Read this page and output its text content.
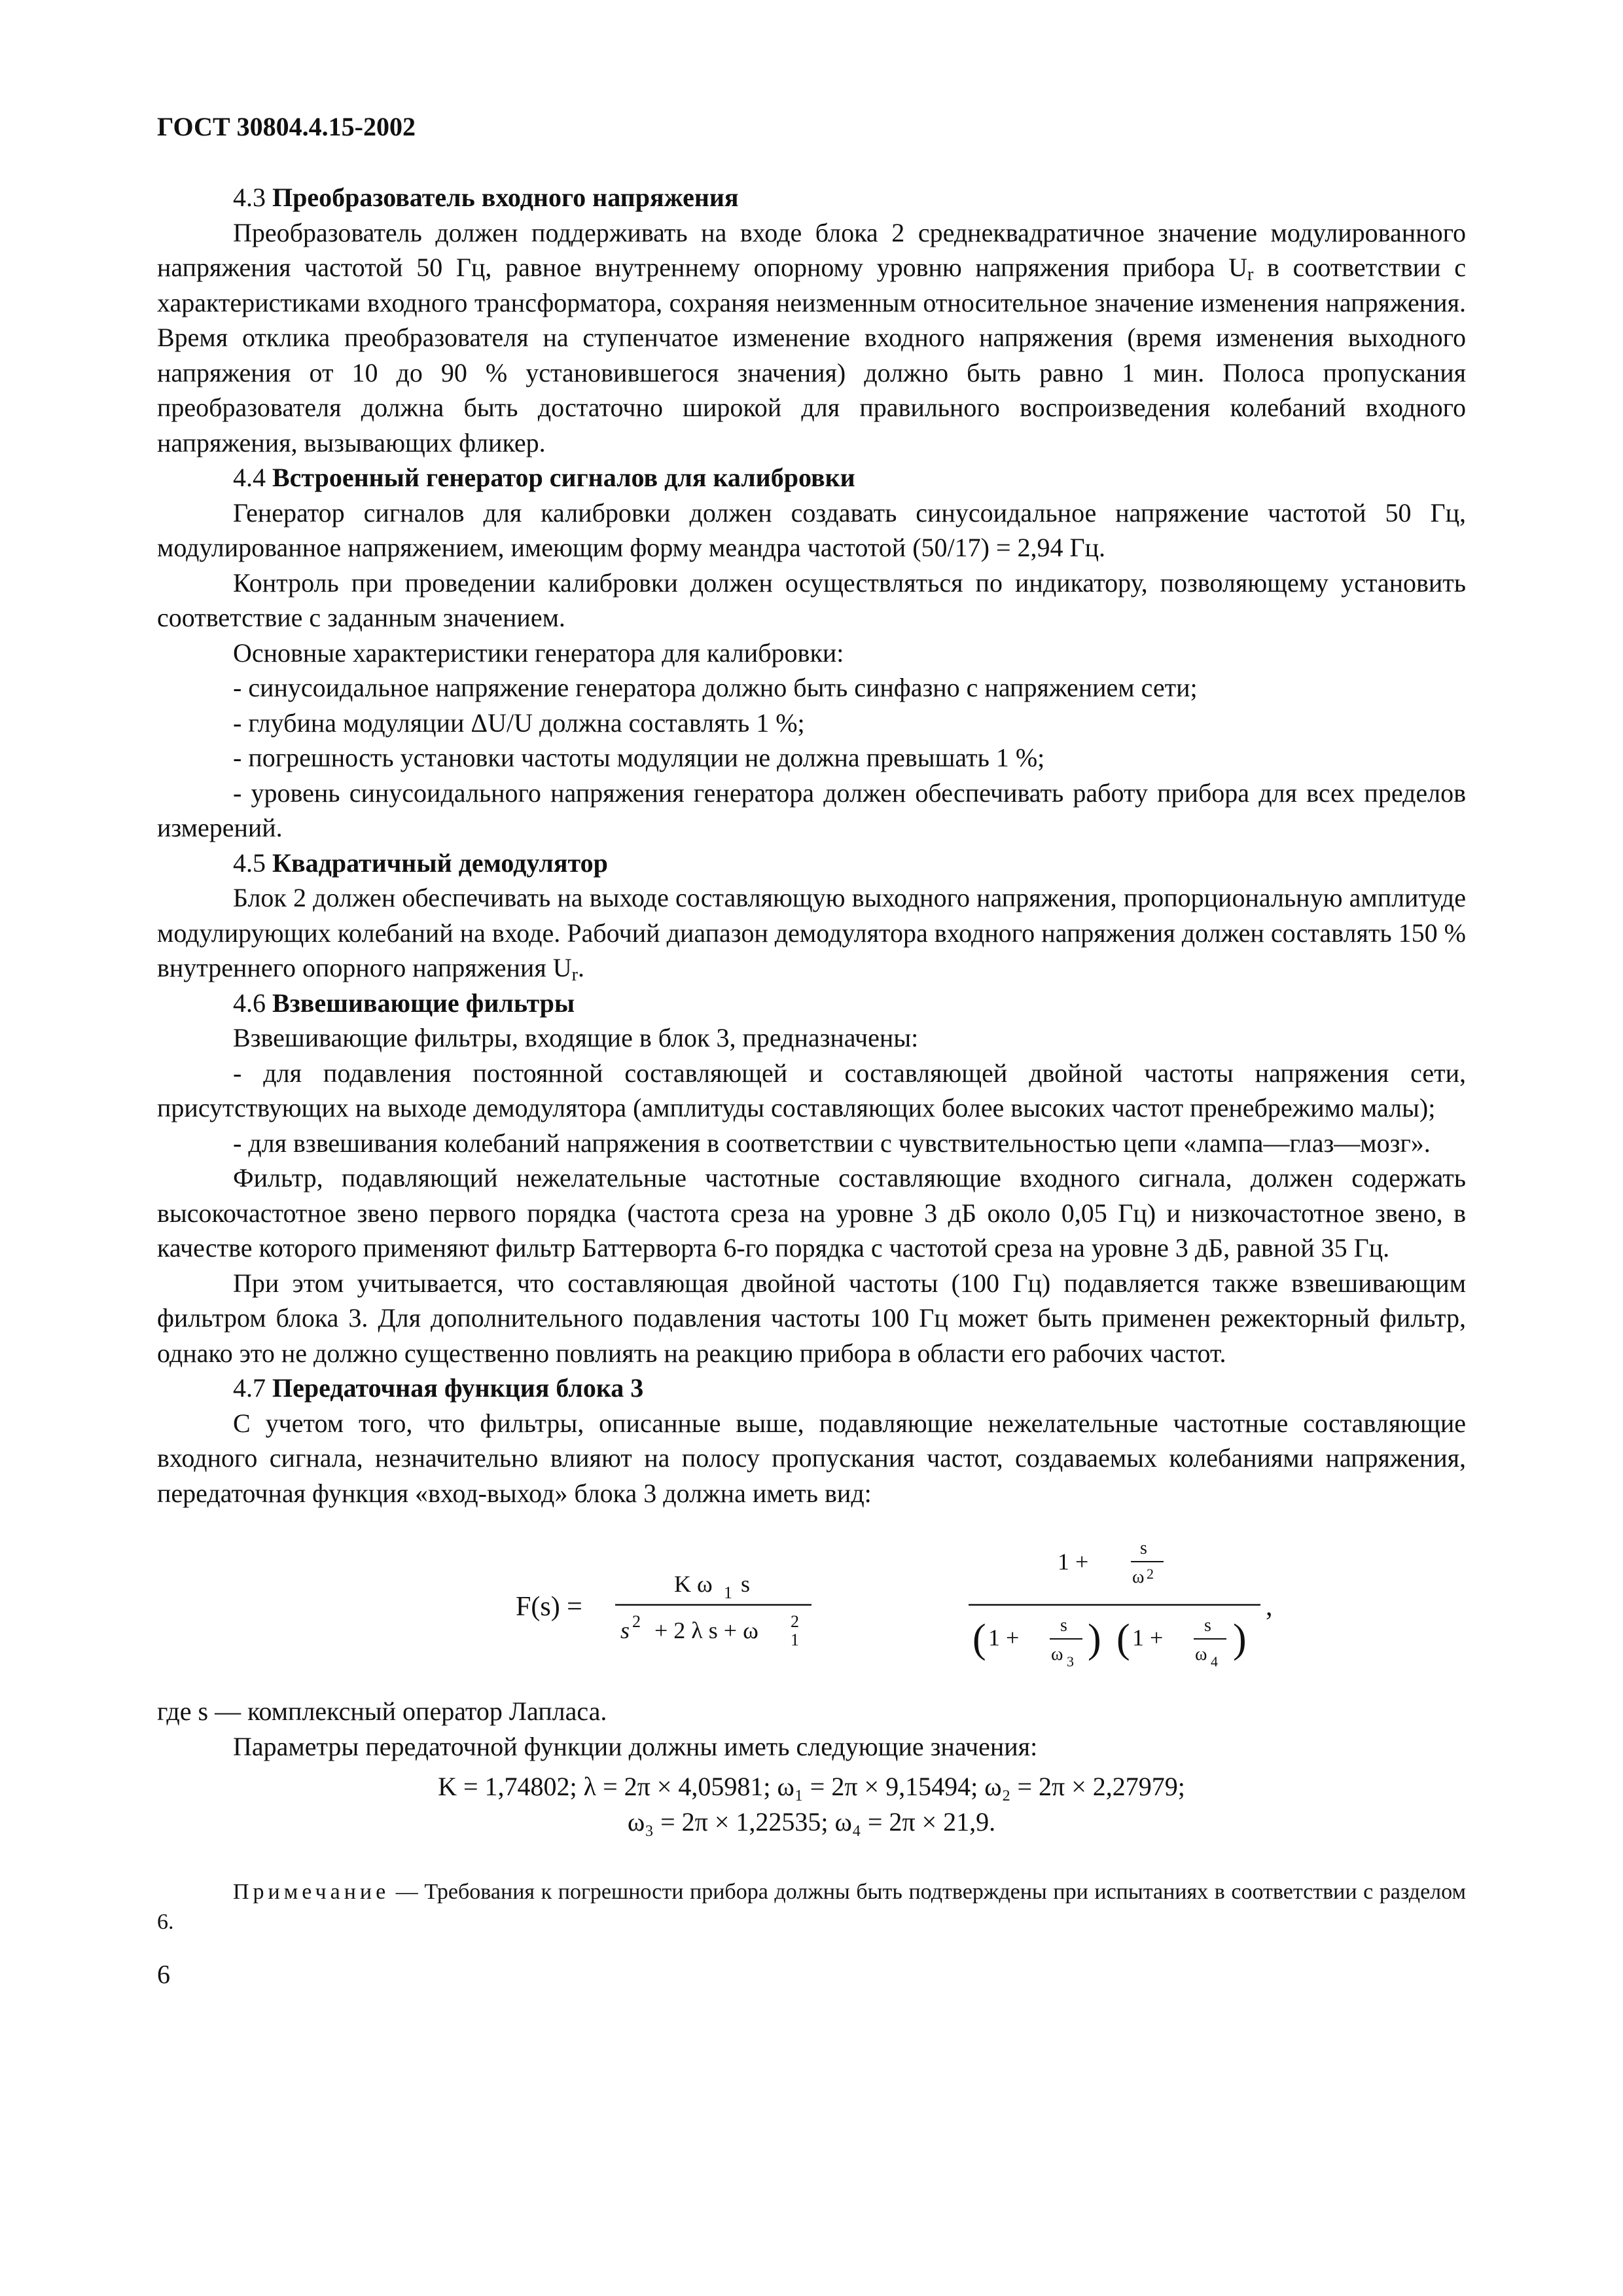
ГОСТ 30804.4.15-2002

4.3 Преобразователь входного напряжения

Преобразователь должен поддерживать на входе блока 2 среднеквадратичное значение модулированного напряжения частотой 50 Гц, равное внутреннему опорному уровню напряжения прибора $U_r$ в соответствии с характеристиками входного трансформатора, сохраняя неизменным относительное значение изменения напряжения. Время отклика преобразователя на ступенчатое изменение входного напряжения (время изменения выходного напряжения от 10 до 90 % установившегося значения) должно быть равно 1 мин. Полоса пропускания преобразователя должна быть достаточно широкой для правильного воспроизведения колебаний входного напряжения, вызывающих фликер.

4.4 Встроенный генератор сигналов для калибровки

Генератор сигналов для калибровки должен создавать синусоидальное напряжение частотой 50 Гц, модулированное напряжением, имеющим форму меандра частотой (50/17) = 2,94 Гц.

Контроль при проведении калибровки должен осуществляться по индикатору, позволяющему установить соответствие с заданным значением.

Основные характеристики генератора для калибровки:

- синусоидальное напряжение генератора должно быть синфазно с напряжением сети;

- глубина модуляции ΔU/U должна составлять 1 %;

- погрешность установки частоты модуляции не должна превышать 1 %;

- уровень синусоидального напряжения генератора должен обеспечивать работу прибора для всех пределов измерений.

4.5 Квадратичный демодулятор

Блок 2 должен обеспечивать на выходе составляющую выходного напряжения, пропорциональную амплитуде модулирующих колебаний на входе. Рабочий диапазон демодулятора входного напряжения должен составлять 150 % внутреннего опорного напряжения $U_r$.

4.6 Взвешивающие фильтры

Взвешивающие фильтры, входящие в блок 3, предназначены:

- для подавления постоянной составляющей и составляющей двойной частоты напряжения сети, присутствующих на выходе демодулятора (амплитуды составляющих более высоких частот пренебрежимо малы);

- для взвешивания колебаний напряжения в соответствии с чувствительностью цепи «лампа—глаз—мозг».

Фильтр, подавляющий нежелательные частотные составляющие входного сигнала, должен содержать высокочастотное звено первого порядка (частота среза на уровне 3 дБ около 0,05 Гц) и низкочастотное звено, в качестве которого применяют фильтр Баттерворта 6-го порядка с частотой среза на уровне 3 дБ, равной 35 Гц.

При этом учитывается, что составляющая двойной частоты (100 Гц) подавляется также взвешивающим фильтром блока 3. Для дополнительного подавления частоты 100 Гц может быть применен режекторный фильтр, однако это не должно существенно повлиять на реакцию прибора в области его рабочих частот.

4.7 Передаточная функция блока 3

С учетом того, что фильтры, описанные выше, подавляющие нежелательные частотные составляющие входного сигнала, незначительно влияют на полосу пропускания частот, создаваемых колебаниями напряжения, передаточная функция «вход-выход» блока 3 должна иметь вид:

F(s) =
K ω 1 s
s 2 + 2 λ s + ω 2
1
1 +
s
ω 2
( 1 + s
ω 3
) ( 1 + s
ω 4
)
,

где s — комплексный оператор Лапласа.

Параметры передаточной функции должны иметь следующие значения:

K = 1,74802; λ = 2π × 4,05981; ω₁ = 2π × 9,15494; ω₂ = 2π × 2,27979;

ω₃ = 2π × 1,22535; ω₄ = 2π × 21,9.

Примечание — Требования к погрешности прибора должны быть подтверждены при испытаниях в соответствии с разделом 6.
6
